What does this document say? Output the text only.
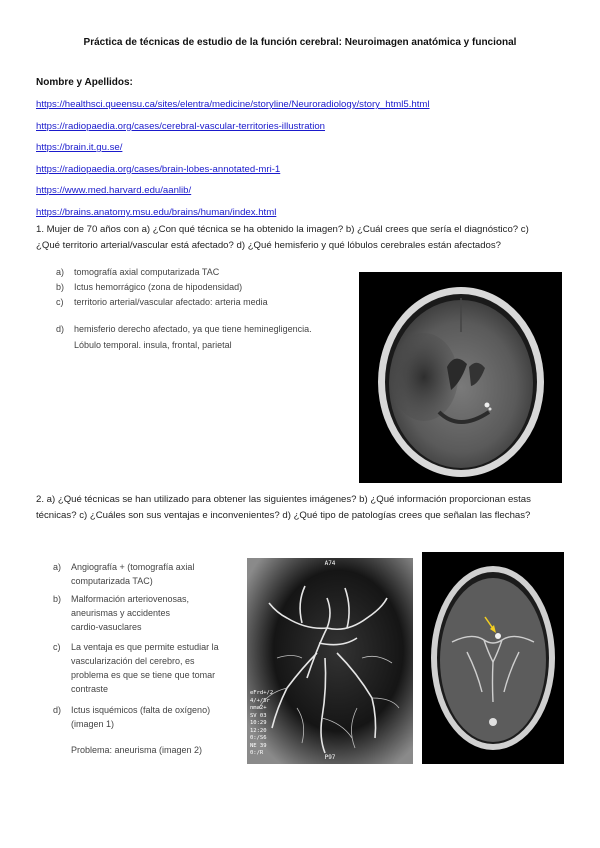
Práctica de técnicas de estudio de la función cerebral: Neuroimagen anatómica y funcional
Nombre y Apellidos:
https://healthsci.queensu.ca/sites/elentra/medicine/storyline/Neuroradiology/story_html5.html
https://radiopaedia.org/cases/cerebral-vascular-territories-illustration
https://brain.it.gu.se/
https://radiopaedia.org/cases/brain-lobes-annotated-mri-1
https://www.med.harvard.edu/aanlib/
https://brains.anatomy.msu.edu/brains/human/index.html
1. Mujer de 70 años con a) ¿Con qué técnica se ha obtenido la imagen? b) ¿Cuál crees que sería el diagnóstico? c)
¿Qué territorio arterial/vascular está afectado? d) ¿Qué hemisferio y qué lóbulos cerebrales están afectados?
a) tomografía axial computarizada TAC
b) Ictus hemorrágico (zona de hipodensidad)
c) territorio arterial/vascular afectado: arteria media
d) hemisferio derecho afectado, ya que tiene heminegligencia.
Lóbulo temporal. insula, frontal, parietal
2. a) ¿Qué técnicas se han utilizado para obtener las siguientes imágenes? b) ¿Qué información proporcionan estas
técnicas? c) ¿Cuáles son sus ventajas e inconvenientes? d) ¿Qué tipo de patologías crees que señalan las flechas?
a) Angiografía + (tomografía axial
computarizada TAC)
b) Malformación arteriovenosas,
aneurismas y accidentes
cardio-vasuclares
c) La ventaja es que permite estudiar la
vascularización del cerebro, es
problema es que se tiene que tomar
contraste
d) Ictus isquémicos (falta de oxígeno)
(imagen 1)
Problema: aneurisma (imagen 2)
A74
eFrd+/2
4/+/5r
nma2+
SV 03
10:29
12:20
0:/S6
NE 39
0:/R
P97
